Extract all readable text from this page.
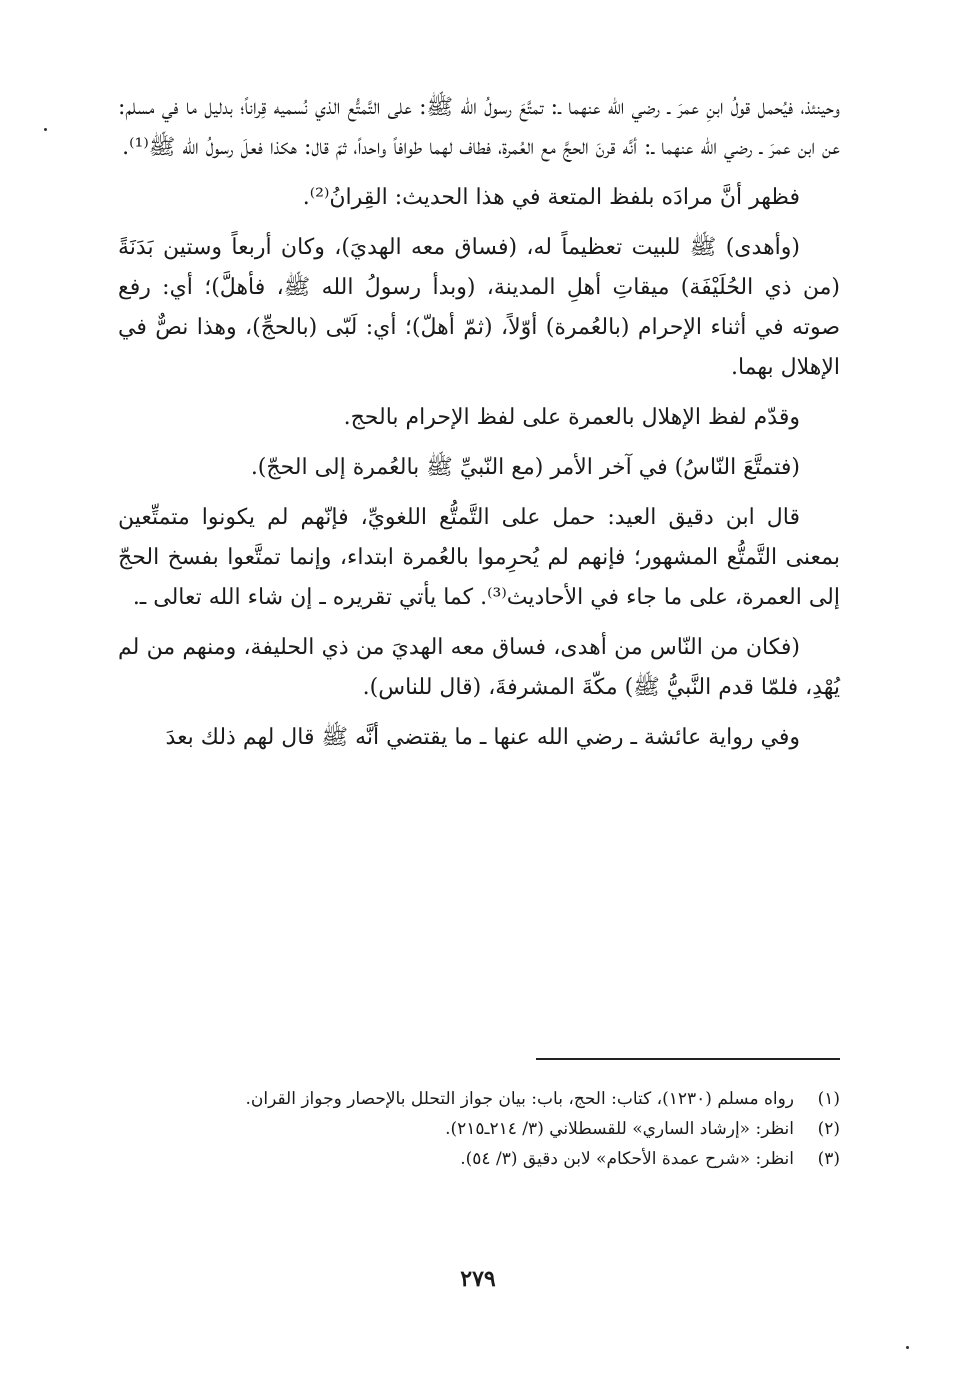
وحينئذ، فيُحمل قولُ ابنِ عمرَ ـ رضي الله عنهما ـ: تمتَّعَ رسولُ الله ﷺ: على التَّمتُّع الذي نُسميه قِراناً؛ بدليل ما في مسلم: عن ابن عمرَ ـ رضي الله عنهما ـ: أنَّه قرنَ الحجَّ مع العُمرة، فطاف لهما طوافاً واحداً، ثمّ قال: هكذا فعلَ رسولُ الله ﷺ⁽¹⁾.

فظهر أنَّ مرادَه بلفظ المتعة في هذا الحديث: القِرانُ⁽²⁾.

(وأهدى) ﷺ للبيت تعظيماً له، (فساق معه الهديَ)، وكان أربعاً وستين بَدَنَةً (من ذي الحُلَيْفَة) ميقاتِ أهلِ المدينة، (وبدأ رسولُ الله ﷺ، فأهلَّ)؛ أي: رفع صوته في أثناء الإحرام (بالعُمرة) أوّلاً، (ثمّ أهلّ)؛ أي: لَبّى (بالحجِّ)، وهذا نصٌّ في الإهلال بهما.

وقدّم لفظ الإهلال بالعمرة على لفظ الإحرام بالحج.

(فتمتَّعَ النّاسُ) في آخر الأمر (مع النّبيِّ ﷺ بالعُمرة إلى الحجّ).

قال ابن دقيق العيد: حمل على التَّمتُّع اللغويِّ، فإنّهم لم يكونوا متمتِّعين بمعنى التَّمتُّع المشهور؛ فإنهم لم يُحرِموا بالعُمرة ابتداء، وإنما تمتَّعوا بفسخ الحجّ إلى العمرة، على ما جاء في الأحاديث⁽³⁾. كما يأتي تقريره ـ إن شاء الله تعالى ـ.

(فكان من النّاس من أهدى، فساق معه الهديَ من ذي الحليفة، ومنهم من لم يُهْدِ، فلمّا قدم النَّبيُّ ﷺ) مكّةَ المشرفةَ، (قال للناس).

وفي رواية عائشة ـ رضي الله عنها ـ ما يقتضي أنَّه ﷺ قال لهم ذلك بعدَ

(١)
رواه مسلم (١٢٣٠)، كتاب: الحج، باب: بيان جواز التحلل بالإحصار وجواز القران.
(٢)
انظر: «إرشاد الساري» للقسطلاني (٣/ ٢١٤ـ٢١٥).
(٣)
انظر: «شرح عمدة الأحكام» لابن دقيق (٣/ ٥٤).
٢٧٩
